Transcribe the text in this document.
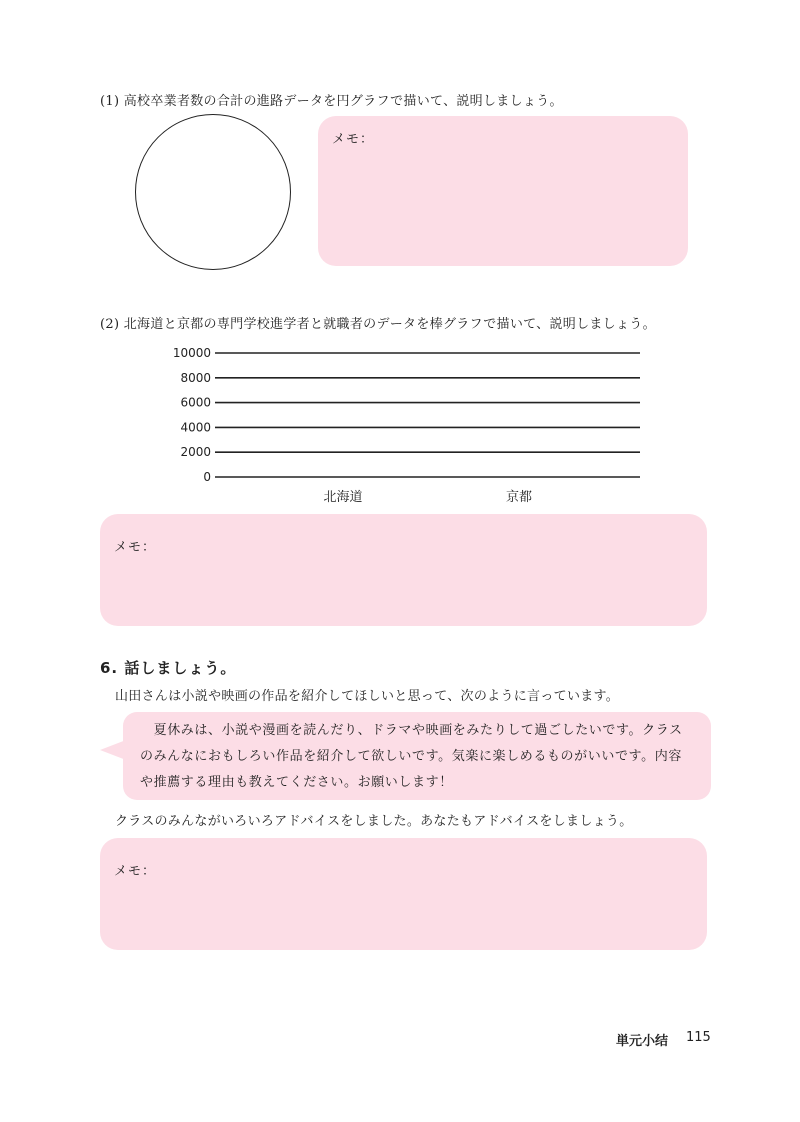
(1) 高校卒業者数の合計の進路データを円グラフで描いて、説明しましょう。
メモ：
(2) 北海道と京都の専門学校進学者と就職者のデータを棒グラフで描いて、説明しましょう。
0
2000
4000
6000
8000
10000
北海道	京都
メモ：
6. 話しましょう。
山田さんは小説や映画の作品を紹介してほしいと思って、次のように言っています。
　夏休みは、小説や漫画を読んだり、ドラマや映画をみたりして過ごしたいです。クラス
のみんなにおもしろい作品を紹介して欲しいです。気楽に楽しめるものがいいです。内容
や推薦する理由も教えてください。お願いします！
クラスのみんながいろいろアドバイスをしました。あなたもアドバイスをしましょう。
メモ：
単元小结 115
